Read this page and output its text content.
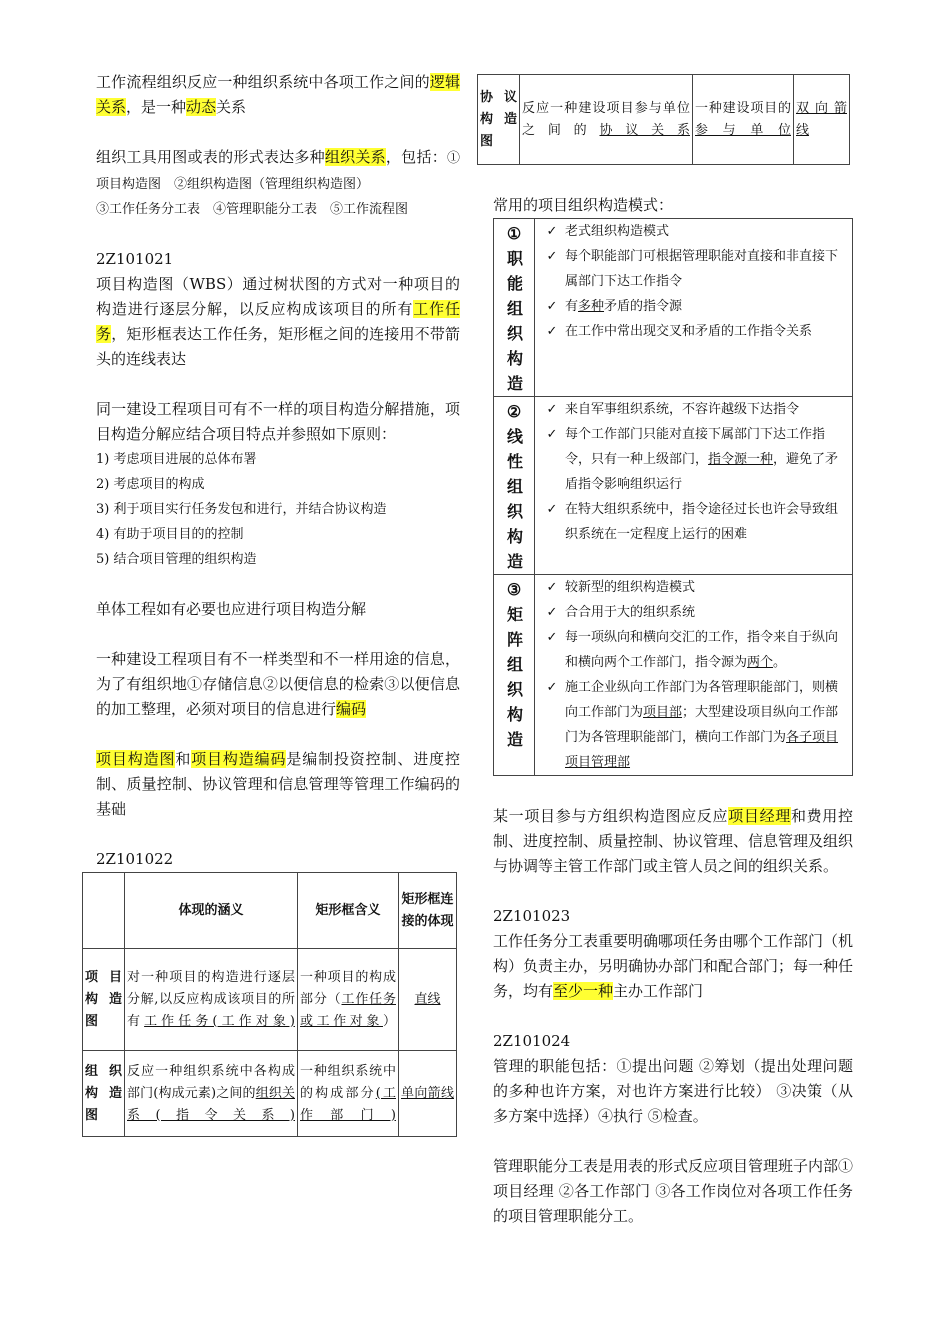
工作流程组织反应一种组织系统中各项工作之间的逻辑关系，是一种动态关系

组织工具用图或表的形式表达多种组织关系，包括：①项目构造图　②组织构造图（管理组织构造图）

③工作任务分工表　④管理职能分工表　⑤工作流程图

2Z101021

项目构造图（WBS）通过树状图的方式对一种项目的构造进行逐层分解，以反应构成该项目的所有工作任务，矩形框表达工作任务，矩形框之间的连接用不带箭头的连线表达

同一建设工程项目可有不一样的项目构造分解措施，项目构造分解应结合项目特点并参照如下原则：

1) 考虑项目进展的总体布署

2) 考虑项目的构成

3) 利于项目实行任务发包和进行，并结合协议构造

4) 有助于项目目的的控制

5) 结合项目管理的组织构造

单体工程如有必要也应进行项目构造分解

一种建设工程项目有不一样类型和不一样用途的信息，为了有组织地①存储信息②以便信息的检索③以便信息的加工整理，必须对项目的信息进行编码

项目构造图和项目构造编码是编制投资控制、进度控制、质量控制、协议管理和信息管理等管理工作编码的基础

2Z101022

	体现的涵义	矩形框含义	矩形框连接的体现
项目构造图	对一种项目的构造进行逐层分解,以反应构成该项目的所有工作任务(工作对象)	一种项目的构成部分（工作任务或工作对象）	直线
组织构造图	反应一种组织系统中各构成部门(构成元素)之间的组织关系(指令关系)	一种组织系统中的构成部分(工作部门)	单向箭线
协议构造图	反应一种建设项目参与单位之间的协议关系	一种建设项目的参与单位	双向箭线

常用的项目组织构造模式：

①
职能组织构造
✓ 老式组织构造模式
✓ 每个职能部门可根据管理职能对直接和非直接下属部门下达工作指令
✓ 有多种矛盾的指令源
✓ 在工作中常出现交叉和矛盾的工作指令关系
②
线性组织构造
✓ 来自军事组织系统，不容许越级下达指令
✓ 每个工作部门只能对直接下属部门下达工作指令，只有一种上级部门，指令源一种，避免了矛盾指令影响组织运行
✓ 在特大组织系统中，指令途径过长也许会导致组织系统在一定程度上运行的困难
③
矩阵组织构造
✓ 较新型的组织构造模式
✓ 合合用于大的组织系统
✓ 每一项纵向和横向交汇的工作，指令来自于纵向和横向两个工作部门，指令源为两个。
✓ 施工企业纵向工作部门为各管理职能部门，则横向工作部门为项目部；大型建设项目纵向工作部门为各管理职能部门，横向工作部门为各子项目项目管理部

某一项目参与方组织构造图应反应项目经理和费用控制、进度控制、质量控制、协议管理、信息管理及组织与协调等主管工作部门或主管人员之间的组织关系。

2Z101023

工作任务分工表重要明确哪项任务由哪个工作部门（机构）负责主办，另明确协办部门和配合部门；每一种任务，均有至少一种主办工作部门

2Z101024

管理的职能包括：①提出问题 ②筹划（提出处理问题的多种也许方案，对也许方案进行比较） ③决策（从多方案中选择）④执行 ⑤检查。

管理职能分工表是用表的形式反应项目管理班子内部①项目经理 ②各工作部门 ③各工作岗位对各项工作任务的项目管理职能分工。
